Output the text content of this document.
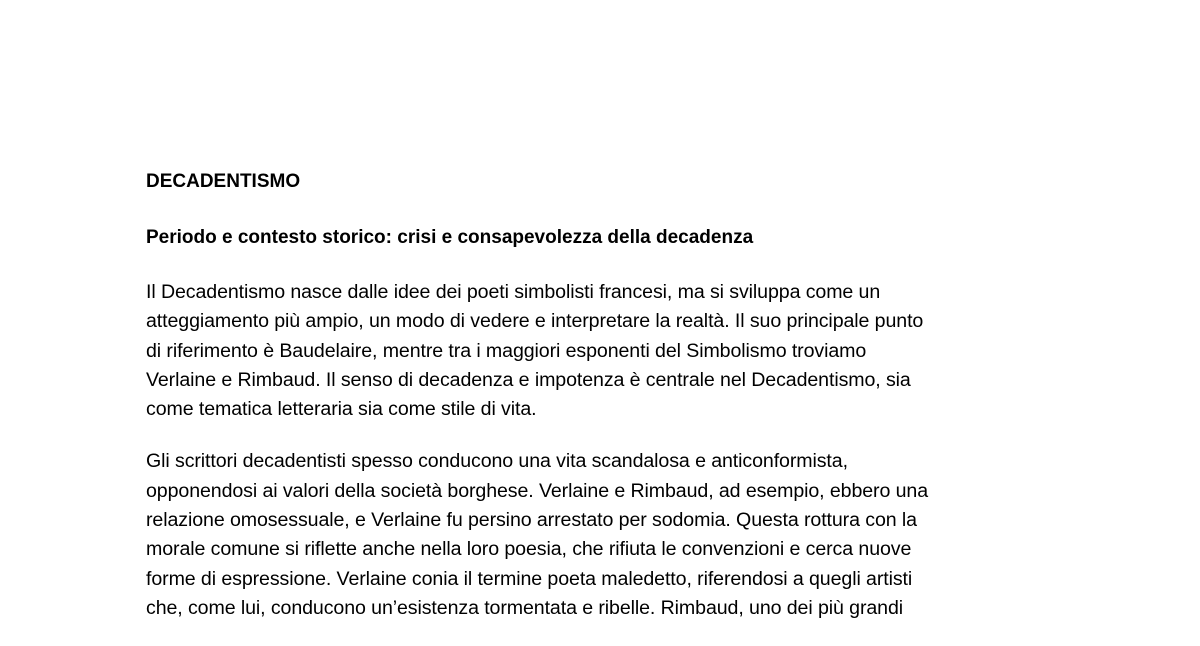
DECADENTISMO
Periodo e contesto storico: crisi e consapevolezza della decadenza
Il Decadentismo nasce dalle idee dei poeti simbolisti francesi, ma si sviluppa come un
atteggiamento più ampio, un modo di vedere e interpretare la realtà. Il suo principale punto
di riferimento è Baudelaire, mentre tra i maggiori esponenti del Simbolismo troviamo
Verlaine e Rimbaud. Il senso di decadenza e impotenza è centrale nel Decadentismo, sia
come tematica letteraria sia come stile di vita.
Gli scrittori decadentisti spesso conducono una vita scandalosa e anticonformista,
opponendosi ai valori della società borghese. Verlaine e Rimbaud, ad esempio, ebbero una
relazione omosessuale, e Verlaine fu persino arrestato per sodomia. Questa rottura con la
morale comune si riflette anche nella loro poesia, che rifiuta le convenzioni e cerca nuove
forme di espressione. Verlaine conia il termine poeta maledetto, riferendosi a quegli artisti
che, come lui, conducono un’esistenza tormentata e ribelle. Rimbaud, uno dei più grandi
